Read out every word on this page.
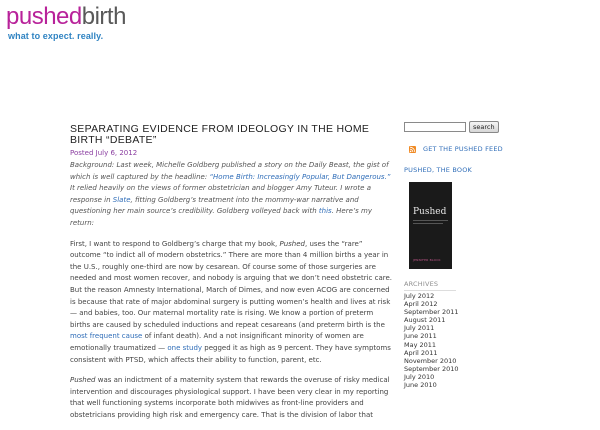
pushedbirth
what to expect. really.
SEPARATING EVIDENCE FROM IDEOLOGY IN THE HOME BIRTH “DEBATE”
Posted July 6, 2012
Background: Last week, Michelle Goldberg published a story on the Daily Beast, the gist of which is well captured by the headline: “Home Birth: Increasingly Popular, But Dangerous.” It relied heavily on the views of former obstetrician and blogger Amy Tuteur. I wrote a response in Slate, fitting Goldberg’s treatment into the mommy-war narrative and questioning her main source’s credibility. Goldberg volleyed back with this. Here’s my return:

First, I want to respond to Goldberg’s charge that my book, Pushed, uses the “rare” outcome “to indict all of modern obstetrics.” There are more than 4 million births a year in the U.S., roughly one-third are now by cesarean. Of course some of those surgeries are needed and most women recover, and nobody is arguing that we don’t need obstetric care. But the reason Amnesty International, March of Dimes, and now even ACOG are concerned is because that rate of major abdominal surgery is putting women’s health and lives at risk — and babies, too. Our maternal mortality rate is rising. We know a portion of preterm births are caused by scheduled inductions and repeat cesareans (and preterm birth is the most frequent cause of infant death). And a not insignificant minority of women are emotionally traumatized — one study pegged it as high as 9 percent. They have symptoms consistent with PTSD, which affects their ability to function, parent, etc.

Pushed was an indictment of a maternity system that rewards the overuse of risky medical intervention and discourages physiological support. I have been very clear in my reporting that well functioning systems incorporate both midwives as front-line providers and obstetricians providing high risk and emergency care. That is the division of labor that

search
GET THE PUSHED FEED
PUSHED, THE BOOK
Pushed
JENNIFER BLOCK
ARCHIVES
July 2012
April 2012
September 2011
August 2011
July 2011
June 2011
May 2011
April 2011
November 2010
September 2010
July 2010
June 2010
